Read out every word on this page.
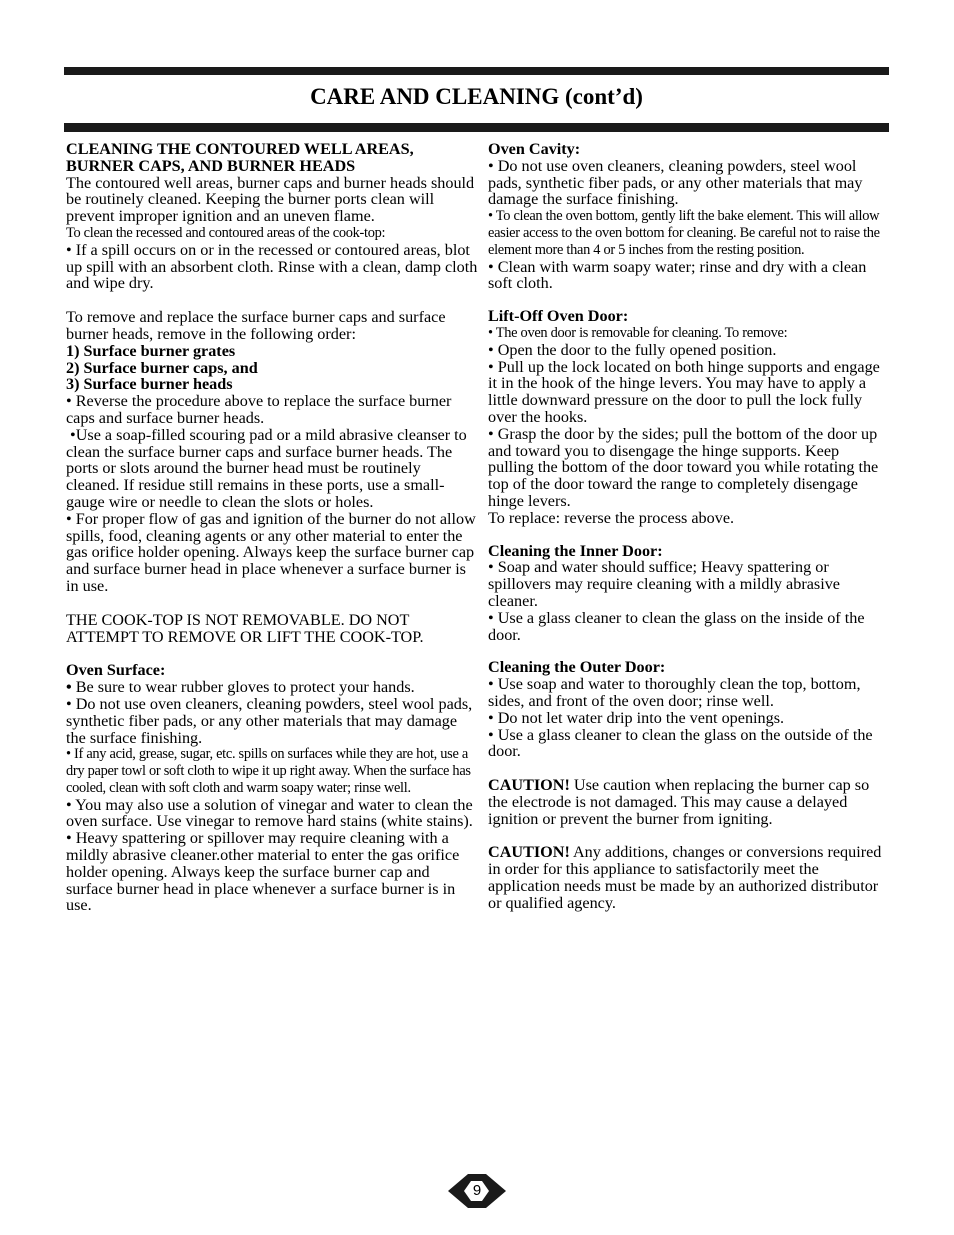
CARE AND CLEANING (cont’d)

CLEANING THE CONTOURED WELL AREAS,
BURNER CAPS, AND BURNER HEADS

The contoured well areas, burner caps and burner heads should be routinely cleaned. Keeping the burner ports clean will prevent improper ignition and an uneven flame.

To clean the recessed and contoured areas of the cook-top:

• If a spill occurs on or in the recessed or contoured areas, blot up spill with an absorbent cloth. Rinse with a clean, damp cloth and wipe dry.

To remove and replace the surface burner caps and surface burner heads, remove in the following order:

1) Surface burner grates

2) Surface burner caps, and

3) Surface burner heads

• Reverse the procedure above to replace the surface burner caps and surface burner heads.

•Use a soap-filled scouring pad or a mild abrasive cleanser to clean the surface burner caps and surface burner heads. The ports or slots around the burner head must be routinely cleaned. If residue still remains in these ports, use a small-gauge wire or needle to clean the slots or holes.

• For proper flow of gas and ignition of the burner do not allow spills, food, cleaning agents or any other material to enter the gas orifice holder opening. Always keep the surface burner cap and surface burner head in place whenever a surface burner is in use.

THE COOK-TOP IS NOT REMOVABLE. DO NOT ATTEMPT TO REMOVE OR LIFT THE COOK-TOP.

Oven Surface:

• Be sure to wear rubber gloves to protect your hands.

• Do not use oven cleaners, cleaning powders, steel wool pads, synthetic fiber pads, or any other materials that may damage the surface finishing.

• If any acid, grease, sugar, etc. spills on surfaces while they are hot, use a dry paper towl or soft cloth to wipe it up right away. When the surface has cooled, clean with soft cloth and warm soapy water; rinse well.

• You may also use a solution of vinegar and water to clean the oven surface. Use vinegar to remove hard stains (white stains).

• Heavy spattering or spillover may require cleaning with a mildly abrasive cleaner.other material to enter the gas orifice holder opening. Always keep the surface burner cap and surface burner head in place whenever a surface burner is in use.

Oven Cavity:

• Do not use oven cleaners, cleaning powders, steel wool pads, synthetic fiber pads, or any other materials that may damage the surface finishing.

• To clean the oven bottom, gently lift the bake element. This will allow easier access to the oven bottom for cleaning. Be careful not to raise the element more than 4 or 5 inches from the resting position.

• Clean with warm soapy water; rinse and dry with a clean soft cloth.

Lift-Off Oven Door:

• The oven door is removable for cleaning. To remove:

• Open the door to the fully opened position.

• Pull up the lock located on both hinge supports and engage it in the hook of the hinge levers. You may have to apply a little downward pressure on the door to pull the lock fully over the hooks.

• Grasp the door by the sides; pull the bottom of the door up and toward you to disengage the hinge supports. Keep pulling the bottom of the door toward you while rotating the top of the door toward the range to completely disengage hinge levers.

To replace: reverse the process above.

Cleaning the Inner Door:

• Soap and water should suffice; Heavy spattering or spillovers may require cleaning with a mildly abrasive cleaner.

• Use a glass cleaner to clean the glass on the inside of the door.

Cleaning the Outer Door:

• Use soap and water to thoroughly clean the top, bottom, sides, and front of the oven door; rinse well.

• Do not let water drip into the vent openings.

• Use a glass cleaner to clean the glass on the outside of the door.

CAUTION! Use caution when replacing the burner cap so the electrode is not damaged. This may cause a delayed ignition or prevent the burner from igniting.

CAUTION! Any additions, changes or conversions required in order for this appliance to satisfactorily meet the application needs must be made by an authorized distributor or qualified agency.

9
